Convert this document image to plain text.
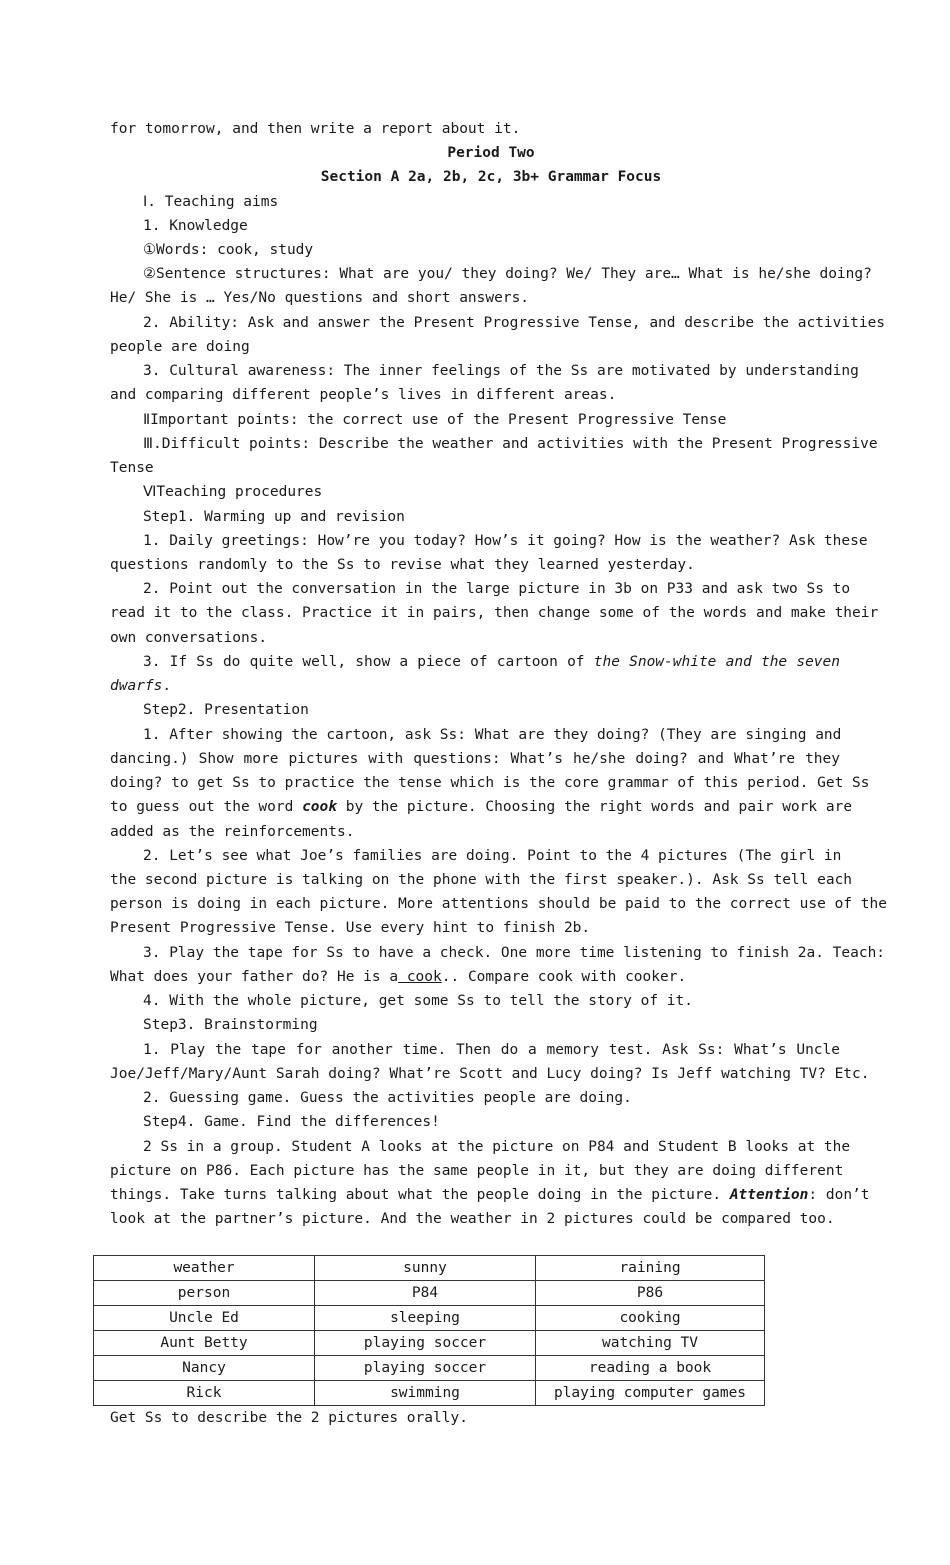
for tomorrow, and then write a report about it.
Period Two
Section A 2a, 2b, 2c, 3b+ Grammar Focus
Ⅰ. Teaching aims
1. Knowledge
①Words: cook, study
②Sentence structures: What are you/ they doing? We/ They are… What is he/she doing?
He/ She is … Yes/No questions and short answers.
2. Ability: Ask and answer the Present Progressive Tense, and describe the activities
people are doing
3. Cultural awareness: The inner feelings of the Ss are motivated by understanding
and comparing different people’s lives in different areas.
ⅡImportant points: the correct use of the Present Progressive Tense
Ⅲ.Difficult points: Describe the weather and activities with the Present Progressive
Tense
ⅥTeaching procedures
Step1. Warming up and revision
1. Daily greetings: How’re you today? How’s it going? How is the weather? Ask these
questions randomly to the Ss to revise what they learned yesterday.
2. Point out the conversation in the large picture in 3b on P33 and ask two Ss to
read it to the class. Practice it in pairs, then change some of the words and make their
own conversations.
3. If Ss do quite well, show a piece of cartoon of the Snow-white and the seven
dwarfs.
Step2. Presentation
1. After showing the cartoon, ask Ss: What are they doing? (They are singing and
dancing.) Show more pictures with questions: What’s he/she doing? and What’re they
doing? to get Ss to practice the tense which is the core grammar of this period. Get Ss
to guess out the word cook by the picture. Choosing the right words and pair work are
added as the reinforcements.
2. Let’s see what Joe’s families are doing. Point to the 4 pictures (The girl in
the second picture is talking on the phone with the first speaker.). Ask Ss tell each
person is doing in each picture. More attentions should be paid to the correct use of the
Present Progressive Tense. Use every hint to finish 2b.
3. Play the tape for Ss to have a check. One more time listening to finish 2a. Teach:
What does your father do? He is a cook.. Compare cook with cooker.
4. With the whole picture, get some Ss to tell the story of it.
Step3. Brainstorming
1. Play the tape for another time. Then do a memory test. Ask Ss: What’s Uncle
Joe/Jeff/Mary/Aunt Sarah doing? What’re Scott and Lucy doing? Is Jeff watching TV? Etc.
2. Guessing game. Guess the activities people are doing.
Step4. Game. Find the differences!
2 Ss in a group. Student A looks at the picture on P84 and Student B looks at the
picture on P86. Each picture has the same people in it, but they are doing different
things. Take turns talking about what the people doing in the picture. Attention: don’t
look at the partner’s picture. And the weather in 2 pictures could be compared too.
weather	sunny	raining
person	P84	P86
Uncle Ed	sleeping	cooking
Aunt Betty	playing soccer	watching TV
Nancy	playing soccer	reading a book
Rick	swimming	playing computer games
Get Ss to describe the 2 pictures orally.
